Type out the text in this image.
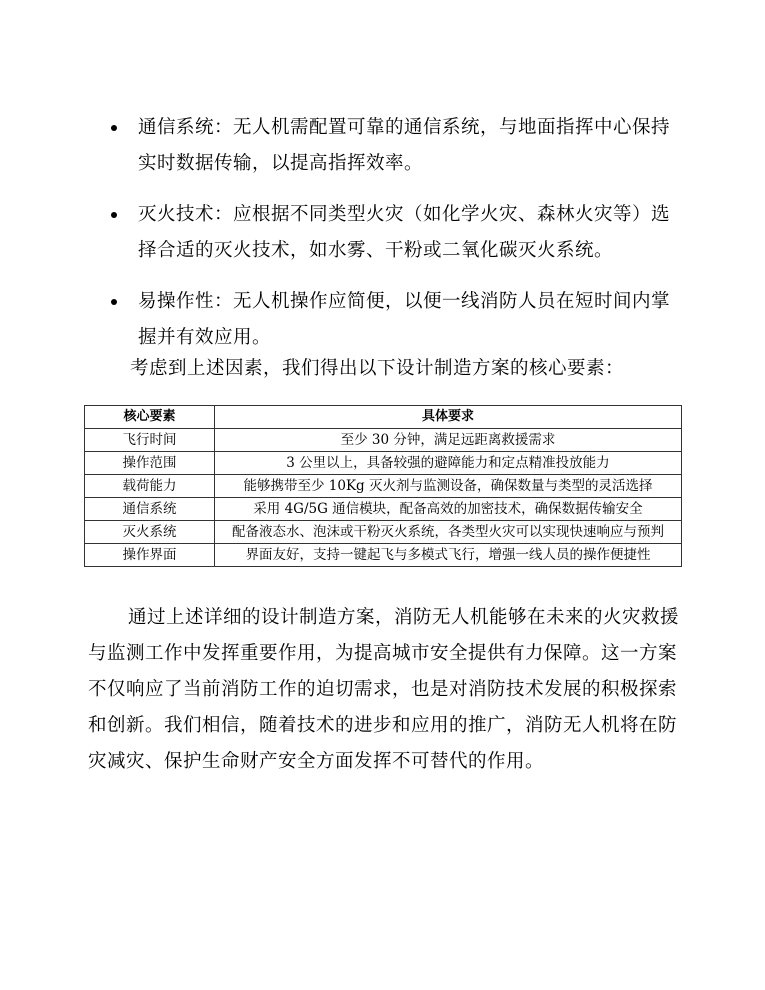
通信系统：无人机需配置可靠的通信系统，与地面指挥中心保持实时数据传输，以提高指挥效率。
灭火技术：应根据不同类型火灾（如化学火灾、森林火灾等）选择合适的灭火技术，如水雾、干粉或二氧化碳灭火系统。
易操作性：无人机操作应简便，以便一线消防人员在短时间内掌握并有效应用。
考虑到上述因素，我们得出以下设计制造方案的核心要素：
核心要素	具体要求
飞行时间	至少 30 分钟，满足远距离救援需求
操作范围	3 公里以上，具备较强的避障能力和定点精准投放能力
载荷能力	能够携带至少 10Kg 灭火剂与监测设备，确保数量与类型的灵活选择
通信系统	采用 4G/5G 通信模块，配备高效的加密技术，确保数据传输安全
灭火系统	配备液态水、泡沫或干粉灭火系统，各类型火灾可以实现快速响应与预判
操作界面	界面友好，支持一键起飞与多模式飞行，增强一线人员的操作便捷性

通过上述详细的设计制造方案，消防无人机能够在未来的火灾救援与监测工作中发挥重要作用，为提高城市安全提供有力保障。这一方案不仅响应了当前消防工作的迫切需求，也是对消防技术发展的积极探索和创新。我们相信，随着技术的进步和应用的推广，消防无人机将在防灾减灾、保护生命财产安全方面发挥不可替代的作用。
